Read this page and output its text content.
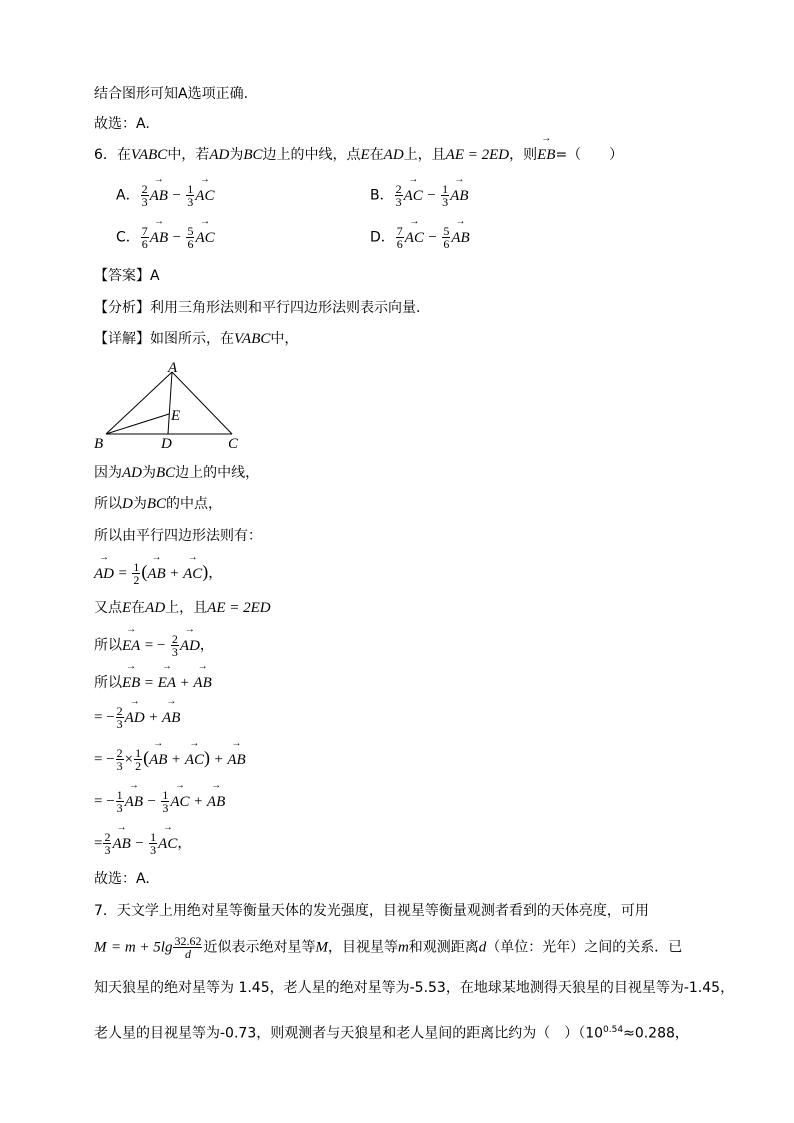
结合图形可知A选项正确.
故选：A.
6．在VABC中，若AD为BC边上的中线，点E在AD上，且AE = 2ED，则→ EB=（　　）
A． $\frac{2}{3}$ → AB − $\frac{1}{3}$ → AC	B． $\frac{2}{3}$ → AC − $\frac{1}{3}$ → AB
C． $\frac{7}{6}$ → AB − $\frac{5}{6}$ → AC	D． $\frac{7}{6}$ → AC − $\frac{5}{6}$ → AB
【答案】A
【分析】利用三角形法则和平行四边形法则表示向量.
【详解】如图所示，在VABC中，
A
B	C
D
E
因为AD为BC边上的中线，
所以D为BC的中点，
所以由平行四边形法则有：
→ AD = $\frac{1}{2}$ (→ AB + → AC)，
又点E在AD上，且AE = 2ED
所以→ EA = − $\frac{2}{3}$ → AD，
所以→ EB = → EA + → AB
= − $\frac{2}{3}$ → AD + → AB
= − $\frac{2}{3} \times \frac{1}{2}$ (→ AB + → AC) + → AB
= − $\frac{1}{3}$ → AB − $\frac{1}{3}$ → AC + → AB
= $\frac{2}{3}$ → AB − $\frac{1}{3}$ → AC，
故选：A.
7．天文学上用绝对星等衡量天体的发光强度，目视星等衡量观测者看到的天体亮度，可用
$M = m + 5\lg \frac{32.62}{d}$ 近似表示绝对星等M，目视星等m和观测距离d（单位：光年）之间的关系．已
知天狼星的绝对星等为 1.45，老人星的绝对星等为-5.53，在地球某地测得天狼星的目视星等为-1.45，
老人星的目视星等为-0.73，则观测者与天狼星和老人星间的距离比约为（　）（$10^{0.54}\approx 0.288$，
